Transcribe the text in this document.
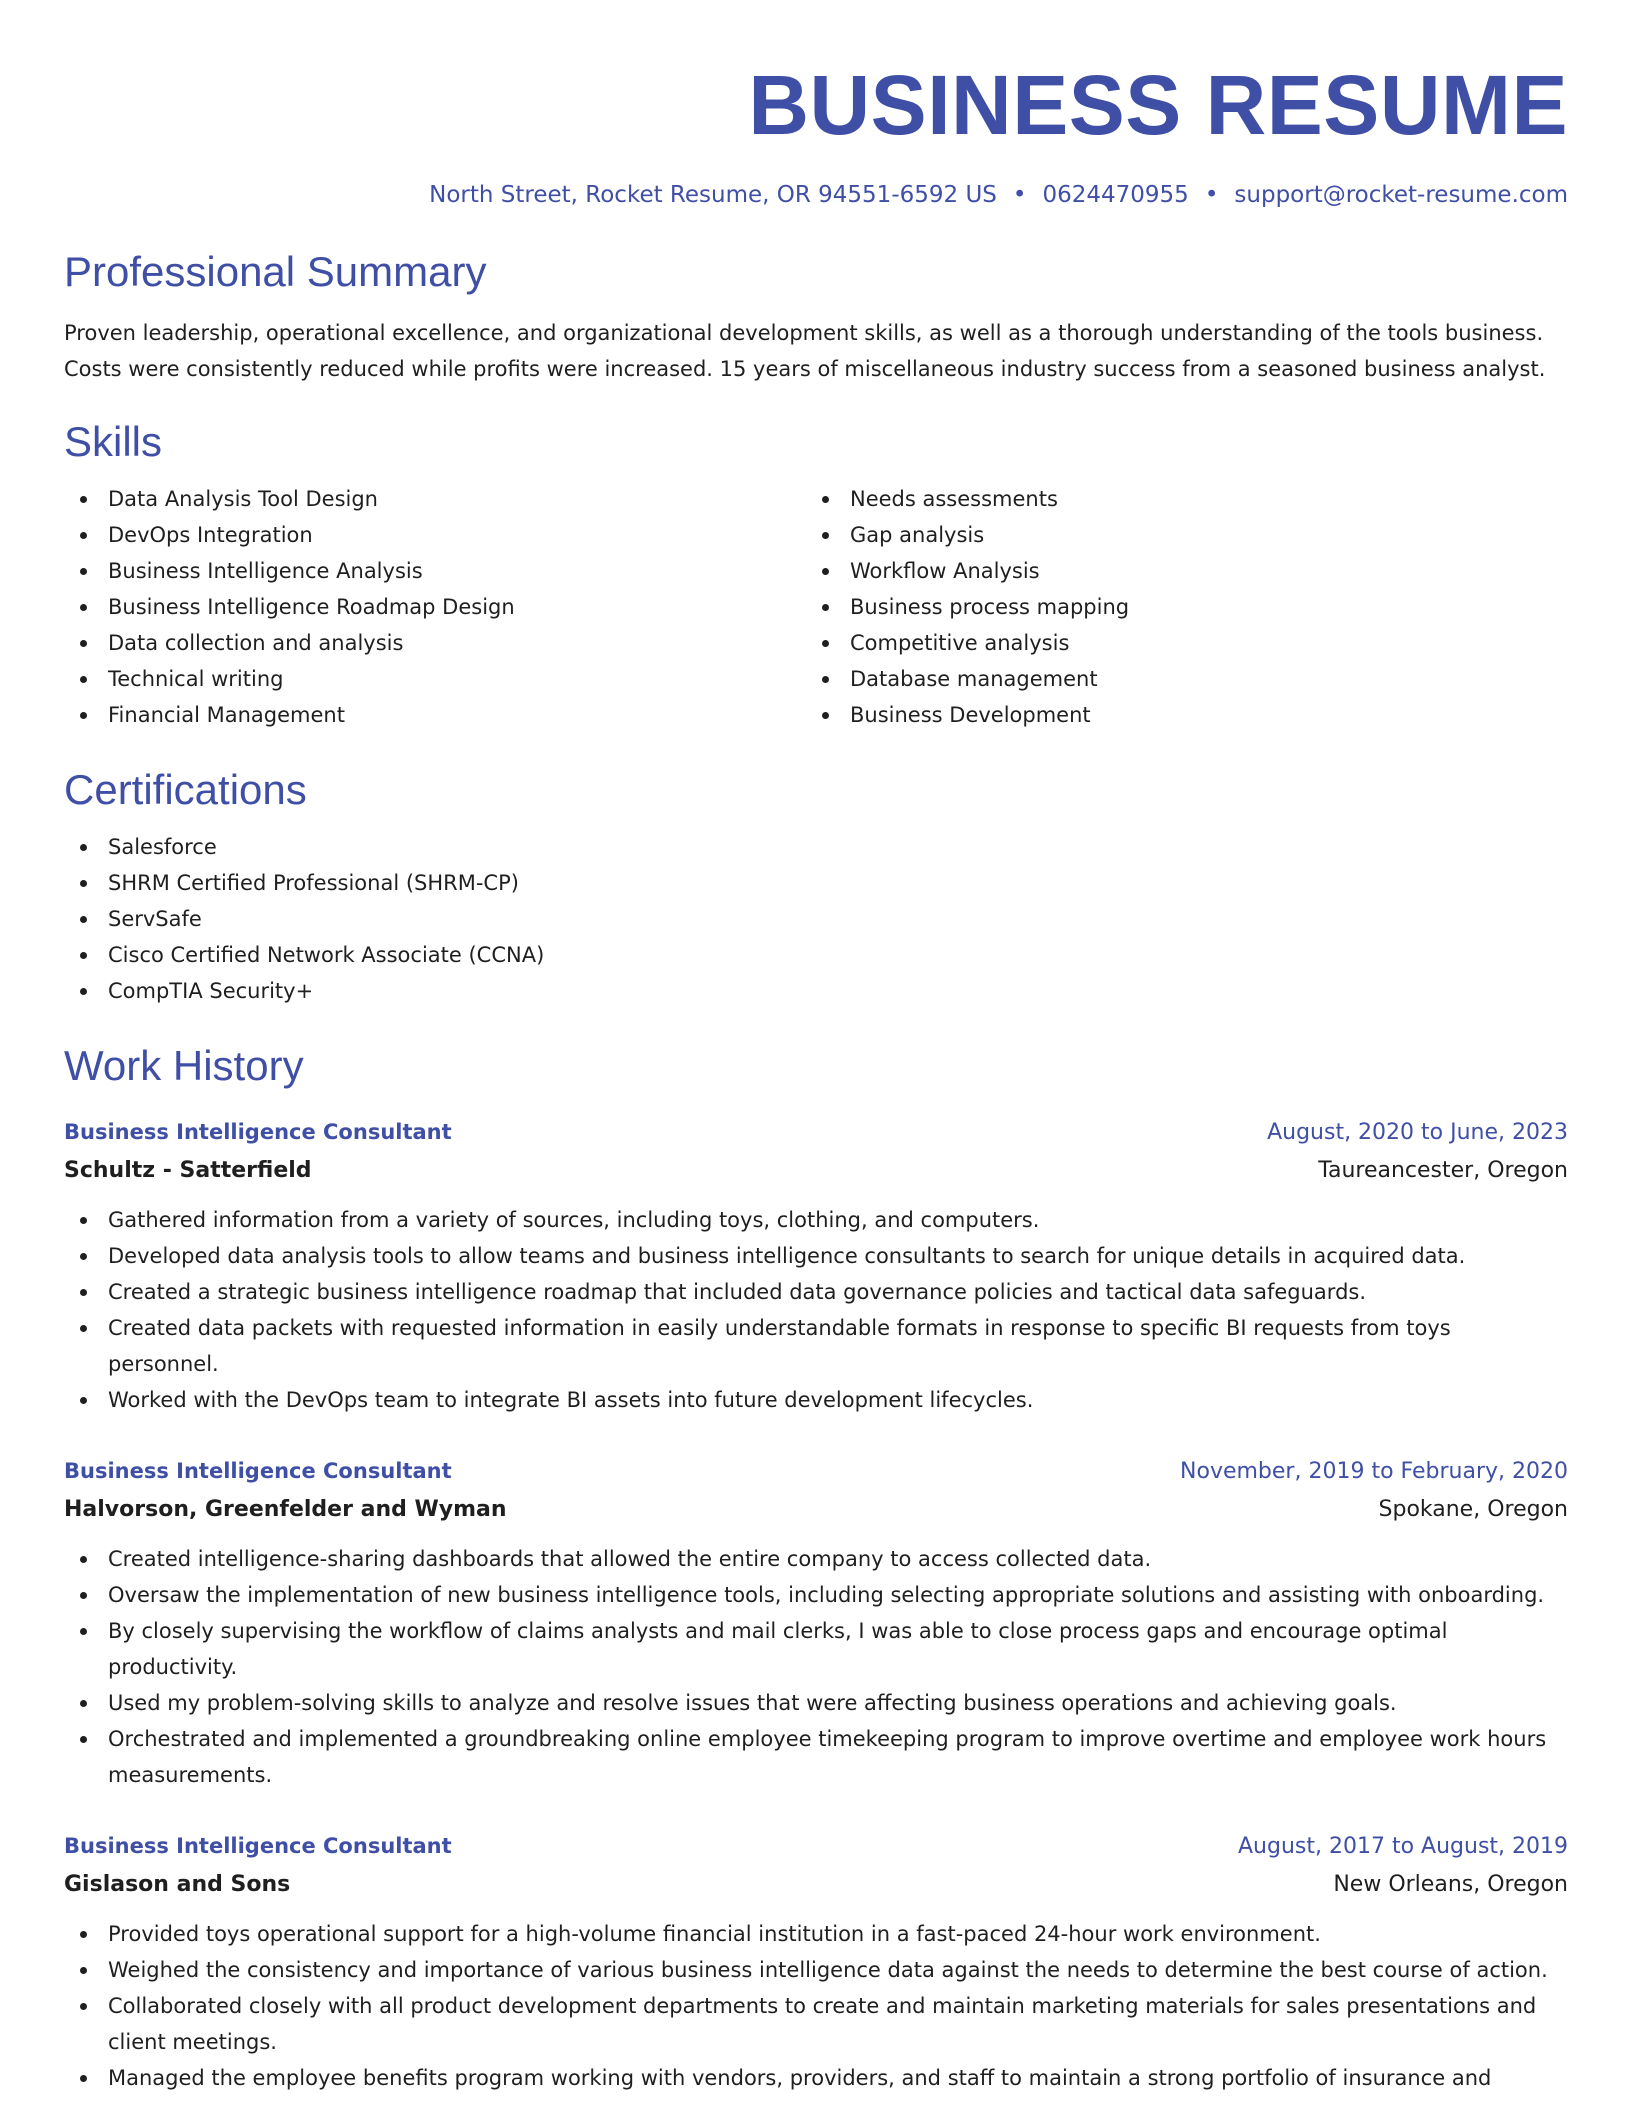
BUSINESS RESUME
North Street, Rocket Resume, OR 94551-6592 US • 0624470955 • support@rocket-resume.com
Professional Summary

Proven leadership, operational excellence, and organizational development skills, as well as a thorough understanding of the tools business. Costs were consistently reduced while profits were increased. 15 years of miscellaneous industry success from a seasoned business analyst.

Skills
Data Analysis Tool Design
DevOps Integration
Business Intelligence Analysis
Business Intelligence Roadmap Design
Data collection and analysis
Technical writing
Financial Management
Needs assessments
Gap analysis
Workflow Analysis
Business process mapping
Competitive analysis
Database management
Business Development
Certifications
Salesforce
SHRM Certified Professional (SHRM-CP)
ServSafe
Cisco Certified Network Associate (CCNA)
CompTIA Security+
Work History
Business Intelligence Consultant	August, 2020 to June, 2023
Schultz - Satterfield	Taureancester, Oregon
Gathered information from a variety of sources, including toys, clothing, and computers.
Developed data analysis tools to allow teams and business intelligence consultants to search for unique details in acquired data.
Created a strategic business intelligence roadmap that included data governance policies and tactical data safeguards.
Created data packets with requested information in easily understandable formats in response to specific BI requests from toys personnel.
Worked with the DevOps team to integrate BI assets into future development lifecycles.
Business Intelligence Consultant	November, 2019 to February, 2020
Halvorson, Greenfelder and Wyman	Spokane, Oregon
Created intelligence-sharing dashboards that allowed the entire company to access collected data.
Oversaw the implementation of new business intelligence tools, including selecting appropriate solutions and assisting with onboarding.
By closely supervising the workflow of claims analysts and mail clerks, I was able to close process gaps and encourage optimal productivity.
Used my problem-solving skills to analyze and resolve issues that were affecting business operations and achieving goals.
Orchestrated and implemented a groundbreaking online employee timekeeping program to improve overtime and employee work hours measurements.
Business Intelligence Consultant	August, 2017 to August, 2019
Gislason and Sons	New Orleans, Oregon
Provided toys operational support for a high-volume financial institution in a fast-paced 24-hour work environment.
Weighed the consistency and importance of various business intelligence data against the needs to determine the best course of action.
Collaborated closely with all product development departments to create and maintain marketing materials for sales presentations and client meetings.
Managed the employee benefits program working with vendors, providers, and staff to maintain a strong portfolio of insurance and
